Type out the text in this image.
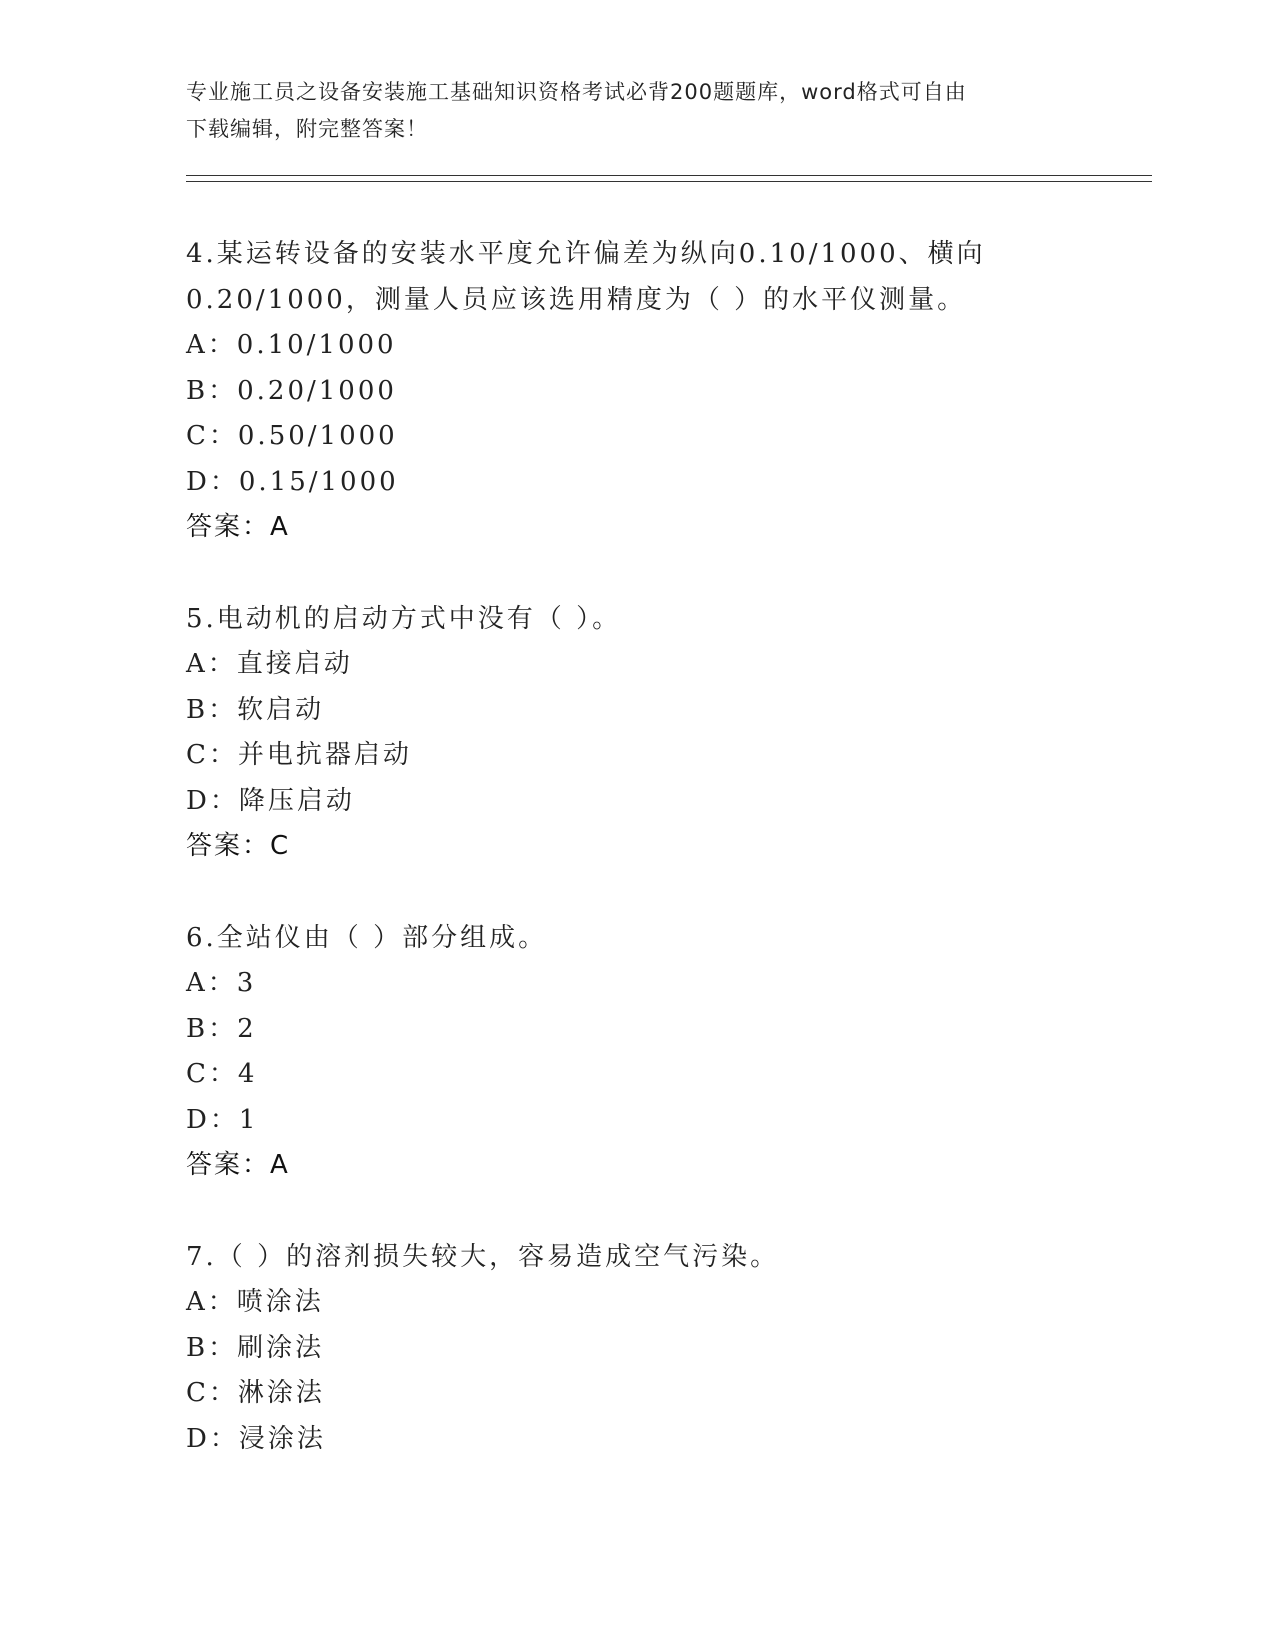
专业施工员之设备安装施工基础知识资格考试必背200题题库，word格式可自由
下载编辑，附完整答案！
4.某运转设备的安装水平度允许偏差为纵向0.10/1000、横向
0.20/1000，测量人员应该选用精度为（ ）的水平仪测量。
A：0.10/1000
B：0.20/1000
C：0.50/1000
D：0.15/1000
答案：A
5.电动机的启动方式中没有（ ）。
A：直接启动
B：软启动
C：并电抗器启动
D：降压启动
答案：C
6.全站仪由（ ）部分组成。
A：3
B：2
C：4
D：1
答案：A
7.（ ）的溶剂损失较大，容易造成空气污染。
A：喷涂法
B：刷涂法
C：淋涂法
D：浸涂法
